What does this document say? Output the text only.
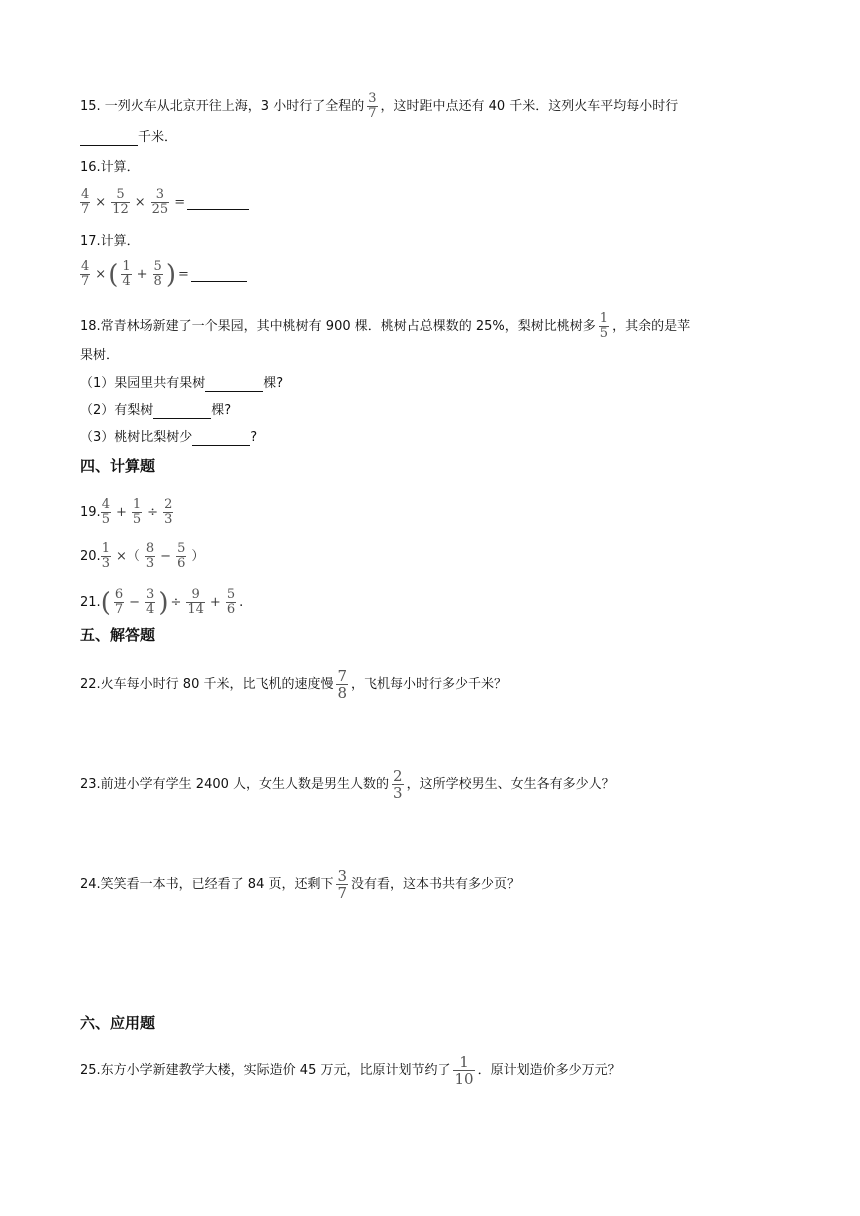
15. 一列火车从北京开往上海，3 小时行了全程的 $\frac{3}{7}$ ，这时距中点还有 40 千米．这列火车平均每小时行
千米．
16.计算．
$\frac{4}{7} \times \frac{5}{12} \times \frac{3}{25}$ =
17.计算．
$\frac{4}{7}$ × ( $\frac{1}{4} + \frac{5}{8}$ ) =
18.常青林场新建了一个果园，其中桃树有 900 棵．桃树占总棵数的 25%，梨树比桃树多 $\frac{1}{5}$ ，其余的是苹
果树．
（1）果园里共有果树	棵?
（2）有梨树	棵?
（3）桃树比梨树少	?
四、计算题
19. $\frac{4}{5} + \frac{1}{5} \div \frac{2}{3}$
20. $\frac{1}{3}$ ×（ $\frac{8}{3} - \frac{5}{6}$ ）
21. ( $\frac{6}{7} - \frac{3}{4}$ ) ÷ $\frac{9}{14} + \frac{5}{6}$ .
五、解答题
22.火车每小时行 80 千米，比飞机的速度慢 $\frac{7}{8}$ ，飞机每小时行多少千米？
23.前进小学有学生 2400 人，女生人数是男生人数的 $\frac{2}{3}$ ，这所学校男生、女生各有多少人？
24.笑笑看一本书，已经看了 84 页，还剩下 $\frac{3}{7}$ 没有看，这本书共有多少页？
六、应用题
25.东方小学新建教学大楼，实际造价 45 万元，比原计划节约了 $\frac{1}{10}$ ．原计划造价多少万元？
